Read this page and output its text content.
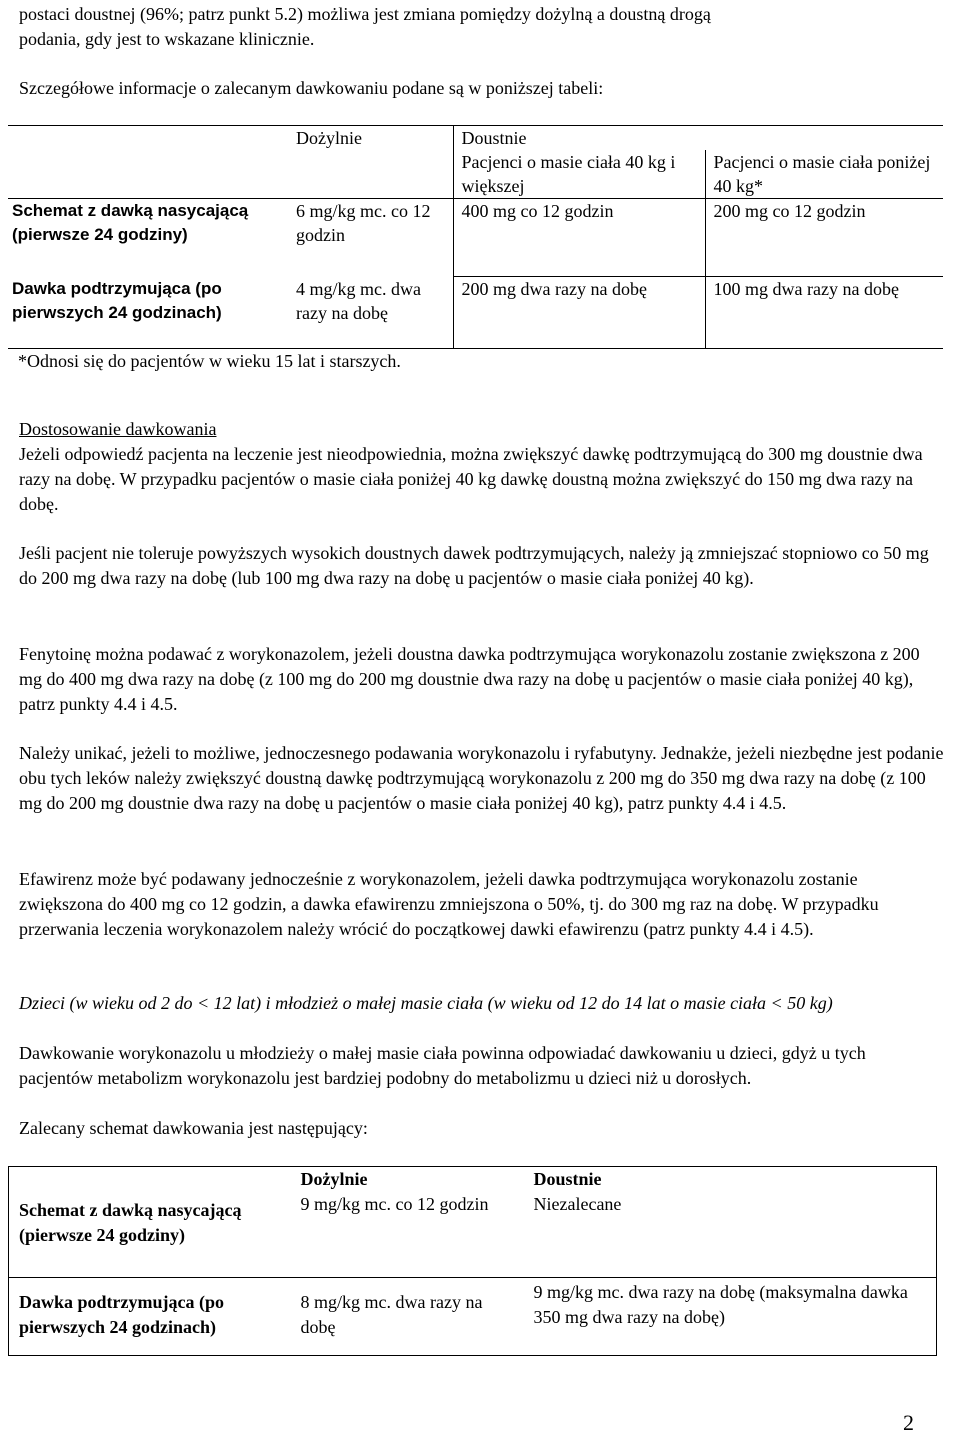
postaci doustnej (96%; patrz punkt 5.2) możliwa jest zmiana pomiędzy dożylną a doustną drogą

podania, gdy jest to wskazane klinicznie.

Szczegółowe informacje o zalecanym dawkowaniu podane są w poniższej tabeli:

	Dożylnie	Doustnie	
		Pacjenci o masie ciała 40 kg i większej	Pacjenci o masie ciała poniżej 40 kg*
Schemat z dawką nasycającą (pierwsze 24 godziny)	6 mg/kg mc. co 12 godzin	400 mg co 12 godzin	200 mg co 12 godzin
Dawka podtrzymująca (po pierwszych 24 godzinach)	4 mg/kg mc. dwa razy na dobę	200 mg dwa razy na dobę	100 mg dwa razy na dobę
*Odnosi się do pacjentów w wieku 15 lat i starszych.			

Dostosowanie dawkowania

Jeżeli odpowiedź pacjenta na leczenie jest nieodpowiednia, można zwiększyć dawkę podtrzymującą do 300 mg doustnie dwa razy na dobę. W przypadku pacjentów o masie ciała poniżej 40 kg dawkę doustną można zwiększyć do 150 mg dwa razy na dobę.

Jeśli pacjent nie toleruje powyższych wysokich doustnych dawek podtrzymujących, należy ją zmniejszać stopniowo co 50 mg do 200 mg dwa razy na dobę (lub 100 mg dwa razy na dobę u pacjentów o masie ciała poniżej 40 kg).

Fenytoinę można podawać z worykonazolem, jeżeli doustna dawka podtrzymująca worykonazolu zostanie zwiększona z 200 mg do 400 mg dwa razy na dobę (z 100 mg do 200 mg doustnie dwa razy na dobę u pacjentów o masie ciała poniżej 40 kg), patrz punkty 4.4 i 4.5.

Należy unikać, jeżeli to możliwe, jednoczesnego podawania worykonazolu i ryfabutyny. Jednakże, jeżeli niezbędne jest podanie obu tych leków należy zwiększyć doustną dawkę podtrzymującą worykonazolu z 200 mg do 350 mg dwa razy na dobę (z 100 mg do 200 mg doustnie dwa razy na dobę u pacjentów o masie ciała poniżej 40 kg), patrz punkty 4.4 i 4.5.

Efawirenz może być podawany jednocześnie z worykonazolem, jeżeli dawka podtrzymująca worykonazolu zostanie zwiększona do 400 mg co 12 godzin, a dawka efawirenzu zmniejszona o 50%, tj. do 300 mg raz na dobę. W przypadku przerwania leczenia worykonazolem należy wrócić do początkowej dawki efawirenzu (patrz punkty 4.4 i 4.5).

Dzieci (w wieku od 2 do < 12 lat) i młodzież o małej masie ciała (w wieku od 12 do 14 lat o masie ciała < 50 kg)

Dawkowanie worykonazolu u młodzieży o małej masie ciała powinna odpowiadać dawkowaniu u dzieci, gdyż u tych pacjentów metabolizm worykonazolu jest bardziej podobny do metabolizmu u dzieci niż u dorosłych.

Zalecany schemat dawkowania jest następujący:

	Dożylnie	Doustnie
Schemat z dawką nasycającą (pierwsze 24 godziny)	9 mg/kg mc. co 12 godzin	Niezalecane
Dawka podtrzymująca (po pierwszych 24 godzinach)	8 mg/kg mc. dwa razy na dobę	9 mg/kg mc. dwa razy na dobę (maksymalna dawka 350 mg dwa razy na dobę)
2
